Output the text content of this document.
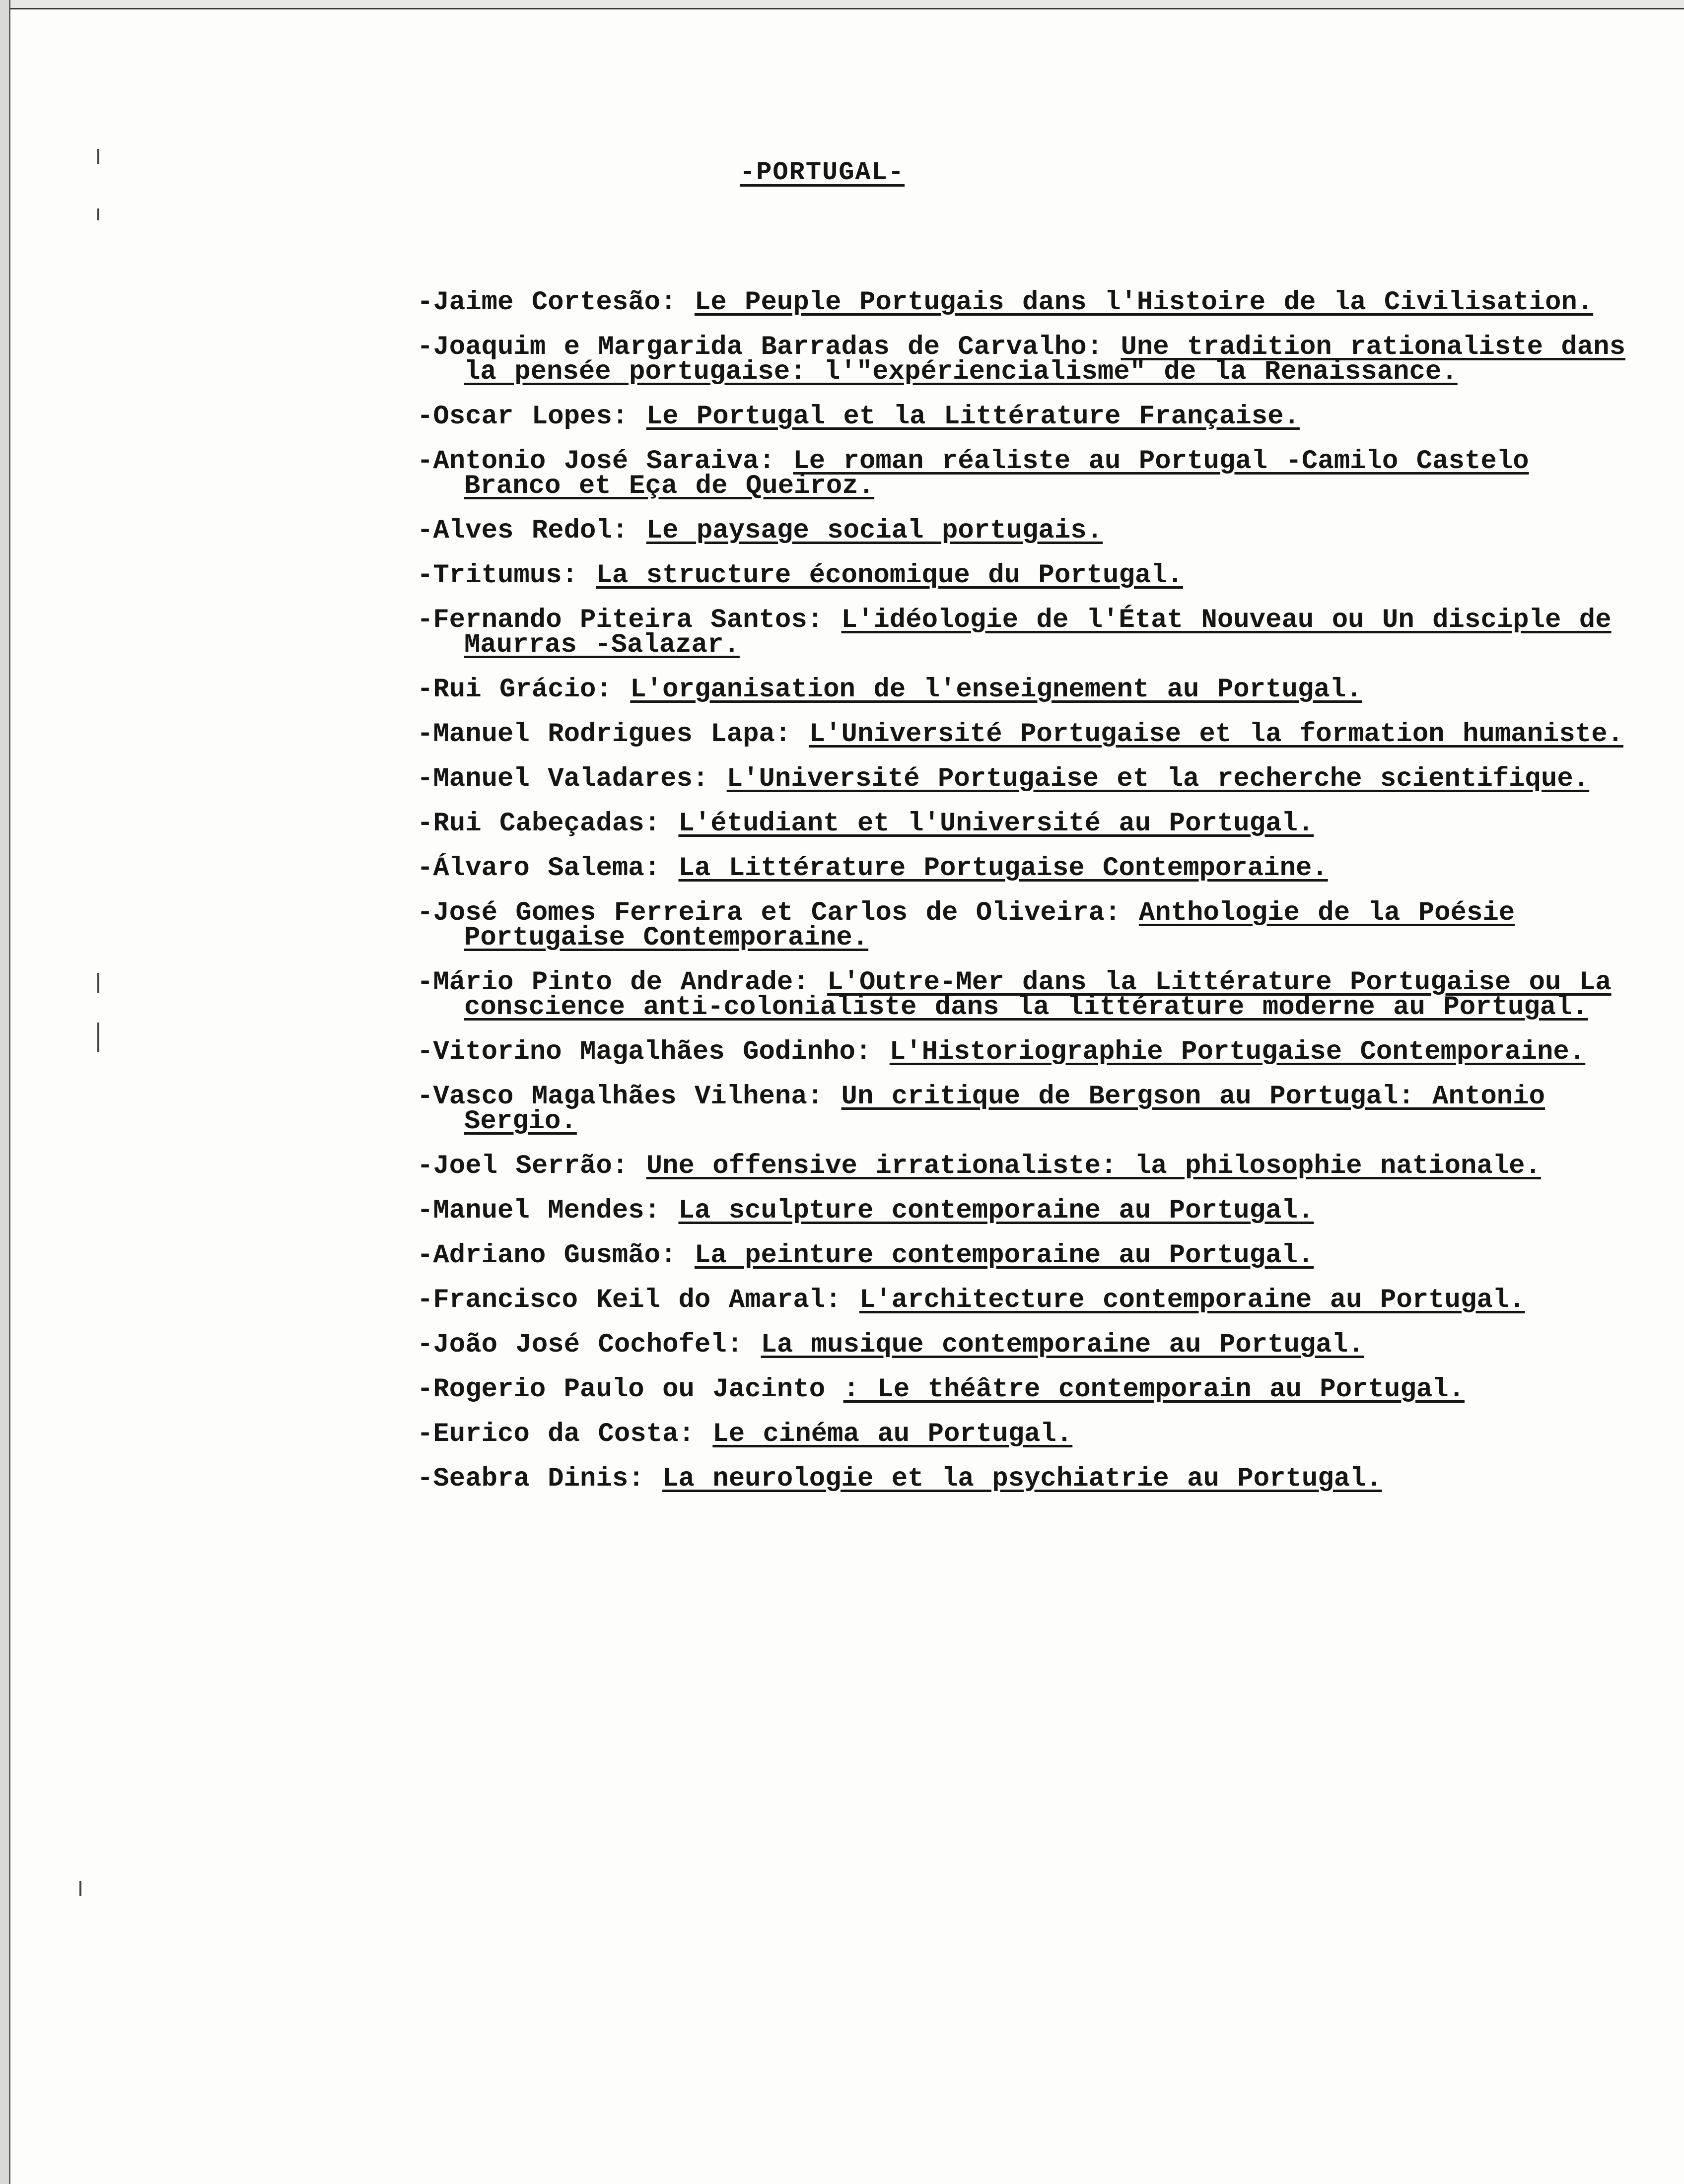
-PORTUGAL-
-Jaime Cortesão: Le Peuple Portugais dans l'Histoire de la Civilisation.
-Joaquim e Margarida Barradas de Carvalho: Une tradition rationaliste dans la pensée portugaise: l'"expériencialisme" de la Renaissance.
-Oscar Lopes: Le Portugal et la Littérature Française.
-Antonio José Saraiva: Le roman réaliste au Portugal -Camilo Castelo Branco et Eça de Queiroz.
-Alves Redol: Le paysage social portugais.
-Tritumus: La structure économique du Portugal.
-Fernando Piteira Santos: L'idéologie de l'État Nouveau ou Un disciple de Maurras -Salazar.
-Rui Grácio: L'organisation de l'enseignement au Portugal.
-Manuel Rodrigues Lapa: L'Université Portugaise et la formation humaniste.
-Manuel Valadares: L'Université Portugaise et la recherche scientifique.
-Rui Cabeçadas: L'étudiant et l'Université au Portugal.
-Álvaro Salema: La Littérature Portugaise Contemporaine.
-José Gomes Ferreira et Carlos de Oliveira: Anthologie de la Poésie Portugaise Contemporaine.
-Mário Pinto de Andrade: L'Outre-Mer dans la Littérature Portugaise ou La conscience anti-colonialiste dans la littérature moderne au Portugal.
-Vitorino Magalhães Godinho: L'Historiographie Portugaise Contemporaine.
-Vasco Magalhães Vilhena: Un critique de Bergson au Portugal: Antonio Sergio.
-Joel Serrão: Une offensive irrationaliste: la philosophie nationale.
-Manuel Mendes: La sculpture contemporaine au Portugal.
-Adriano Gusmão: La peinture contemporaine au Portugal.
-Francisco Keil do Amaral: L'architecture contemporaine au Portugal.
-João José Cochofel: La musique contemporaine au Portugal.
-Rogerio Paulo ou Jacinto : Le théâtre contemporain au Portugal.
-Eurico da Costa: Le cinéma au Portugal.
-Seabra Dinis: La neurologie et la psychiatrie au Portugal.
